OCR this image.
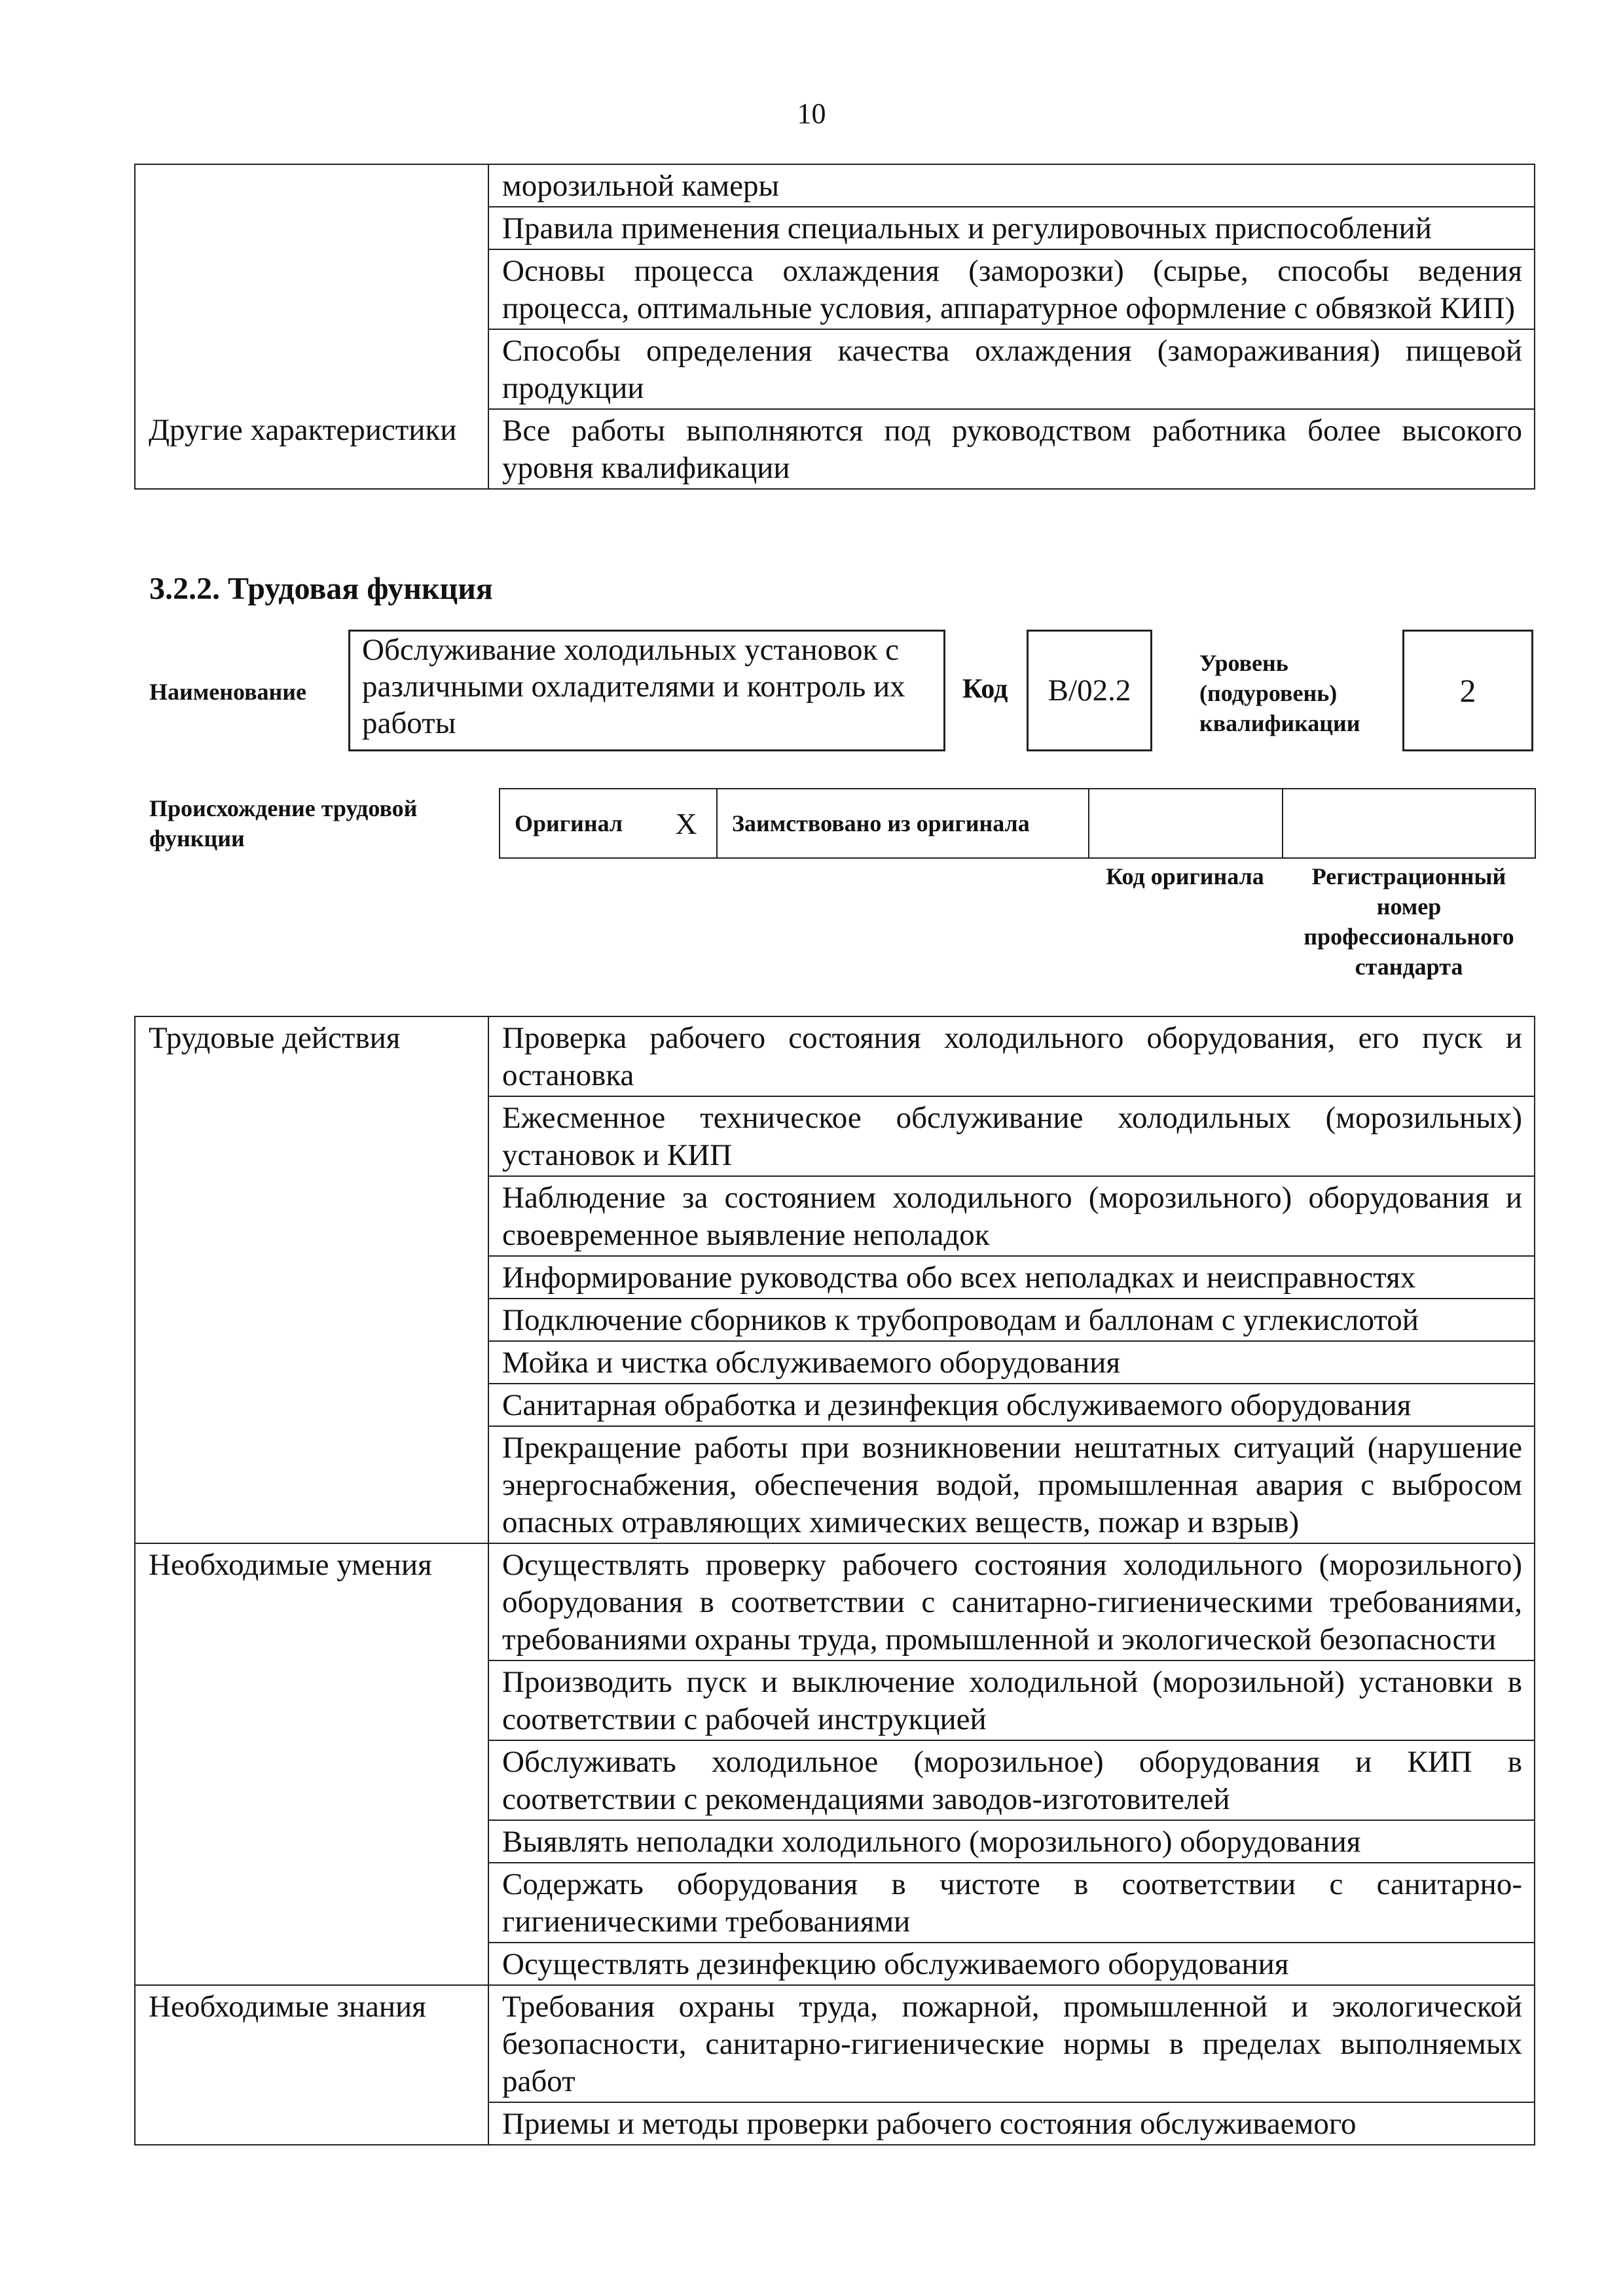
10
	морозильной камеры
	Правила применения специальных и регулировочных приспособлений
	Основы процесса охлаждения (заморозки) (сырье, способы ведения процесса, оптимальные условия, аппаратурное оформление с обвязкой КИП)
	Способы определения качества охлаждения (замораживания) пищевой продукции
Другие характеристики	Все работы выполняются под руководством работника более высокого уровня квалификации
3.2.2. Трудовая функция
Наименование
Обслуживание холодильных установок с различными охладителями и контроль их работы
Код	В/02.2
Уровень (подуровень) квалификации
2
Происхождение трудовой функции
Оригинал X Заимствовано из оригинала
Код оригинала	Регистрационный номер профессионального стандарта
Трудовые действия	Проверка рабочего состояния холодильного оборудования, его пуск и остановка
	Ежесменное техническое обслуживание холодильных (морозильных) установок и КИП
	Наблюдение за состоянием холодильного (морозильного) оборудования и своевременное выявление неполадок
	Информирование руководства обо всех неполадках и неисправностях
	Подключение сборников к трубопроводам и баллонам с углекислотой
	Мойка и чистка обслуживаемого оборудования
	Санитарная обработка и дезинфекция обслуживаемого оборудования
	Прекращение работы при возникновении нештатных ситуаций (нарушение энергоснабжения, обеспечения водой, промышленная авария с выбросом опасных отравляющих химических веществ, пожар и взрыв)
Необходимые умения	Осуществлять проверку рабочего состояния холодильного (морозильного) оборудования в соответствии с санитарно-гигиеническими требованиями, требованиями охраны труда, промышленной и экологической безопасности
	Производить пуск и выключение холодильной (морозильной) установки в соответствии с рабочей инструкцией
	Обслуживать холодильное (морозильное) оборудования и КИП в соответствии с рекомендациями заводов-изготовителей
	Выявлять неполадки холодильного (морозильного) оборудования
	Содержать оборудования в чистоте в соответствии с санитарно-гигиеническими требованиями
	Осуществлять дезинфекцию обслуживаемого оборудования
Необходимые знания	Требования охраны труда, пожарной, промышленной и экологической безопасности, санитарно-гигиенические нормы в пределах выполняемых работ
	Приемы и методы проверки рабочего состояния обслуживаемого
